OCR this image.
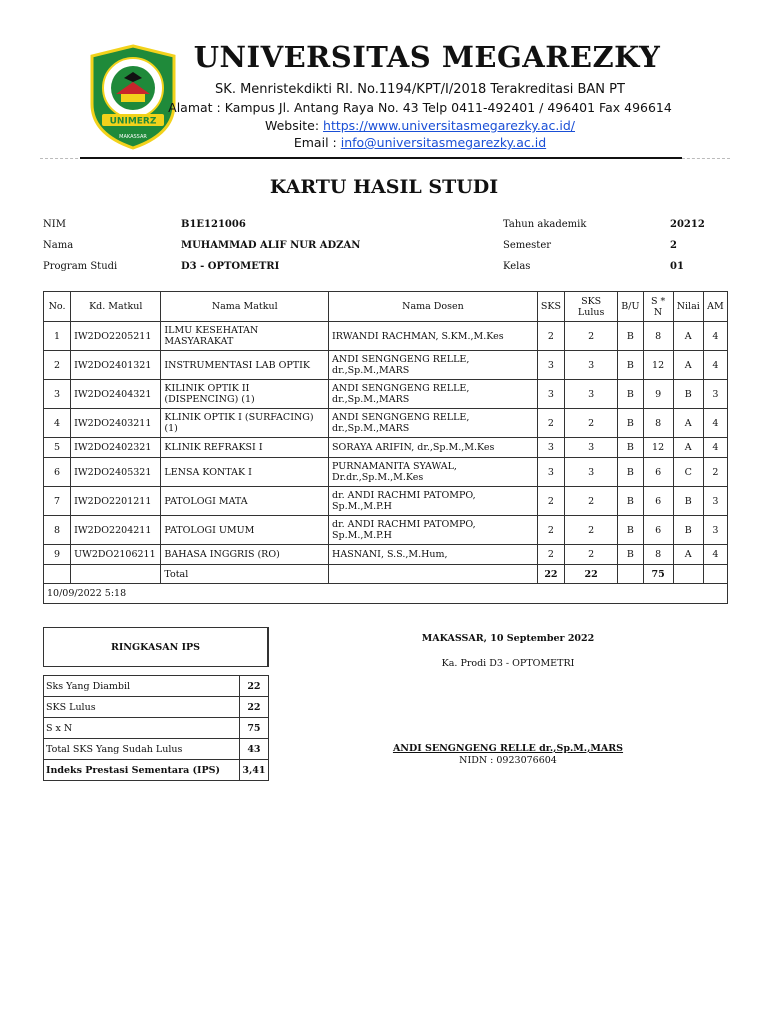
UNIMERZ
MAKASSAR
UNIVERSITAS MEGAREZKY
SK. Menristekdikti RI. No.1194/KPT/I/2018 Terakreditasi BAN PT
Alamat : Kampus Jl. Antang Raya No. 43 Telp 0411-492401 / 496401 Fax 496614
Website: https://www.universitasmegarezky.ac.id/
Email : info@universitasmegarezky.ac.id
KARTU HASIL STUDI
NIM	B1E121006
Nama	MUHAMMAD ALIF NUR ADZAN
Program Studi	D3 - OPTOMETRI
Tahun akademik	20212
Semester	2
Kelas	01
No.	Kd. Matkul	Nama Matkul	Nama Dosen	SKS	SKS Lulus	B/U	S * N	Nilai	AM
1	IW2DO2205211	ILMU KESEHATAN MASYARAKAT	IRWANDI RACHMAN, S.KM.,M.Kes	2	2	B	8	A	4
2	IW2DO2401321	INSTRUMENTASI LAB OPTIK	ANDI SENGNGENG RELLE, dr.,Sp.M.,MARS	3	3	B	12	A	4
3	IW2DO2404321	KILINIK OPTIK II (DISPENCING) (1)	ANDI SENGNGENG RELLE, dr.,Sp.M.,MARS	3	3	B	9	B	3
4	IW2DO2403211	KLINIK OPTIK I (SURFACING) (1)	ANDI SENGNGENG RELLE, dr.,Sp.M.,MARS	2	2	B	8	A	4
5	IW2DO2402321	KLINIK REFRAKSI I	SORAYA ARIFIN, dr.,Sp.M.,M.Kes	3	3	B	12	A	4
6	IW2DO2405321	LENSA KONTAK I	PURNAMANITA SYAWAL, Dr.dr.,Sp.M.,M.Kes	3	3	B	6	C	2
7	IW2DO2201211	PATOLOGI MATA	dr. ANDI RACHMI PATOMPO, Sp.M.,M.P.H	2	2	B	6	B	3
8	IW2DO2204211	PATOLOGI UMUM	dr. ANDI RACHMI PATOMPO, Sp.M.,M.P.H	2	2	B	6	B	3
9	UW2DO2106211	BAHASA INGGRIS (RO)	HASNANI, S.S.,M.Hum,	2	2	B	8	A	4
		Total		22	22		75		
10/09/2022 5:18									
RINGKASAN IPS	

Sks Yang Diambil	22
SKS Lulus	22
S x N	75
Total SKS Yang Sudah Lulus	43
Indeks Prestasi Sementara (IPS)	3,41
MAKASSAR, 10 September 2022
Ka. Prodi D3 - OPTOMETRI
ANDI SENGNGENG RELLE dr.,Sp.M.,MARS
NIDN : 0923076604
